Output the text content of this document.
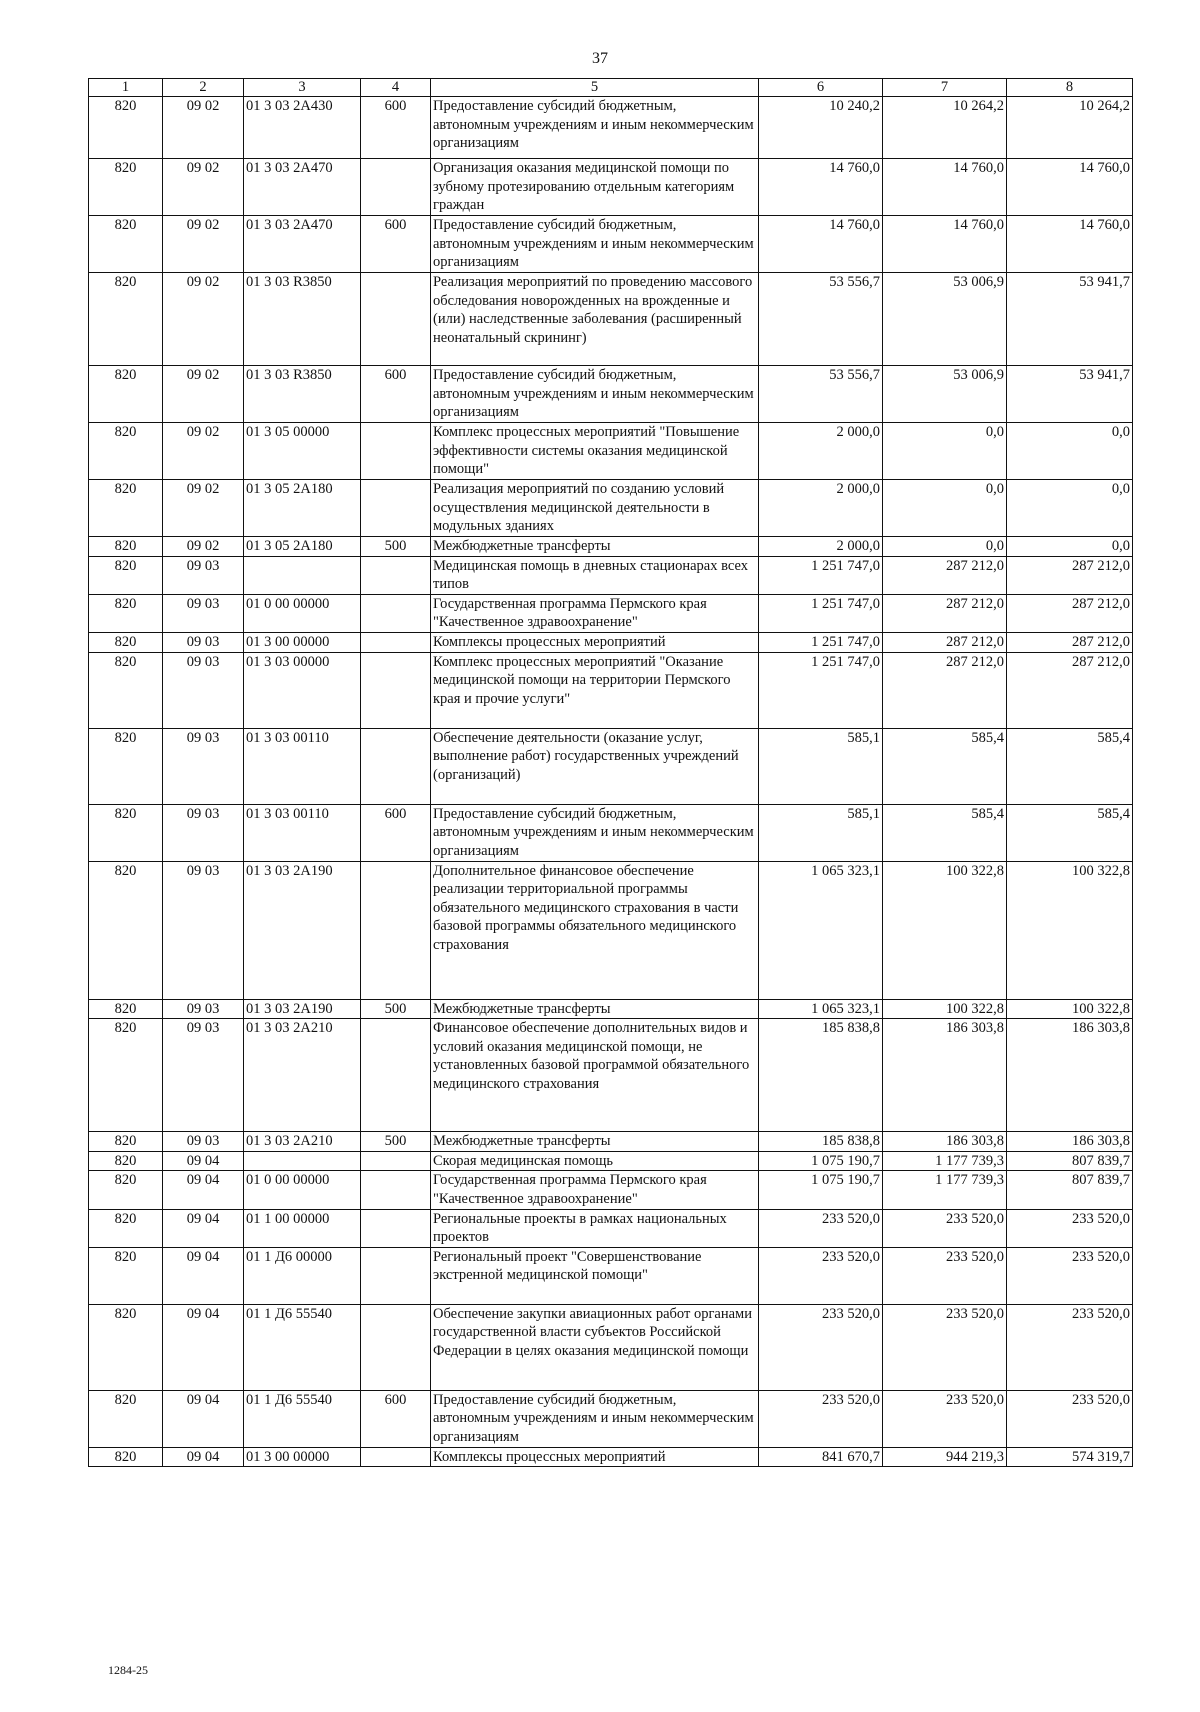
37
1	2	3	4	5	6	7	8
820	09 02	01 3 03 2А430	600	Предоставление субсидий бюджетным, автономным учреждениям и иным некоммерческим организациям	10 240,2	10 264,2	10 264,2
820	09 02	01 3 03 2А470		Организация оказания медицинской помощи по зубному протезированию отдельным категориям граждан	14 760,0	14 760,0	14 760,0
820	09 02	01 3 03 2А470	600	Предоставление субсидий бюджетным, автономным учреждениям и иным некоммерческим организациям	14 760,0	14 760,0	14 760,0
820	09 02	01 3 03 R3850		Реализация мероприятий по проведению массового обследования новорожденных на врожденные и (или) наследственные заболевания (расширенный неонатальный скрининг)	53 556,7	53 006,9	53 941,7
820	09 02	01 3 03 R3850	600	Предоставление субсидий бюджетным, автономным учреждениям и иным некоммерческим организациям	53 556,7	53 006,9	53 941,7
820	09 02	01 3 05 00000		Комплекс процессных мероприятий "Повышение эффективности системы оказания медицинской помощи"	2 000,0	0,0	0,0
820	09 02	01 3 05 2А180		Реализация мероприятий по созданию условий осуществления медицинской деятельности в модульных зданиях	2 000,0	0,0	0,0
820	09 02	01 3 05 2А180	500	Межбюджетные трансферты	2 000,0	0,0	0,0
820	09 03			Медицинская помощь в дневных стационарах всех типов	1 251 747,0	287 212,0	287 212,0
820	09 03	01 0 00 00000		Государственная программа Пермского края "Качественное здравоохранение"	1 251 747,0	287 212,0	287 212,0
820	09 03	01 3 00 00000		Комплексы процессных мероприятий	1 251 747,0	287 212,0	287 212,0
820	09 03	01 3 03 00000		Комплекс процессных мероприятий "Оказание медицинской помощи на территории Пермского края и прочие услуги"	1 251 747,0	287 212,0	287 212,0
820	09 03	01 3 03 00110		Обеспечение деятельности (оказание услуг, выполнение работ) государственных учреждений (организаций)	585,1	585,4	585,4
820	09 03	01 3 03 00110	600	Предоставление субсидий бюджетным, автономным учреждениям и иным некоммерческим организациям	585,1	585,4	585,4
820	09 03	01 3 03 2А190		Дополнительное финансовое обеспечение реализации территориальной программы обязательного медицинского страхования в части базовой программы обязательного медицинского страхования	1 065 323,1	100 322,8	100 322,8
820	09 03	01 3 03 2А190	500	Межбюджетные трансферты	1 065 323,1	100 322,8	100 322,8
820	09 03	01 3 03 2А210		Финансовое обеспечение дополнительных видов и условий оказания медицинской помощи, не установленных базовой программой обязательного медицинского страхования	185 838,8	186 303,8	186 303,8
820	09 03	01 3 03 2А210	500	Межбюджетные трансферты	185 838,8	186 303,8	186 303,8
820	09 04			Скорая медицинская помощь	1 075 190,7	1 177 739,3	807 839,7
820	09 04	01 0 00 00000		Государственная программа Пермского края "Качественное здравоохранение"	1 075 190,7	1 177 739,3	807 839,7
820	09 04	01 1 00 00000		Региональные проекты в рамках национальных проектов	233 520,0	233 520,0	233 520,0
820	09 04	01 1 Д6 00000		Региональный проект "Совершенствование экстренной медицинской помощи"	233 520,0	233 520,0	233 520,0
820	09 04	01 1 Д6 55540		Обеспечение закупки авиационных работ органами государственной власти субъектов Российской Федерации в целях оказания медицинской помощи	233 520,0	233 520,0	233 520,0
820	09 04	01 1 Д6 55540	600	Предоставление субсидий бюджетным, автономным учреждениям и иным некоммерческим организациям	233 520,0	233 520,0	233 520,0
820	09 04	01 3 00 00000		Комплексы процессных мероприятий	841 670,7	944 219,3	574 319,7
1284-25
